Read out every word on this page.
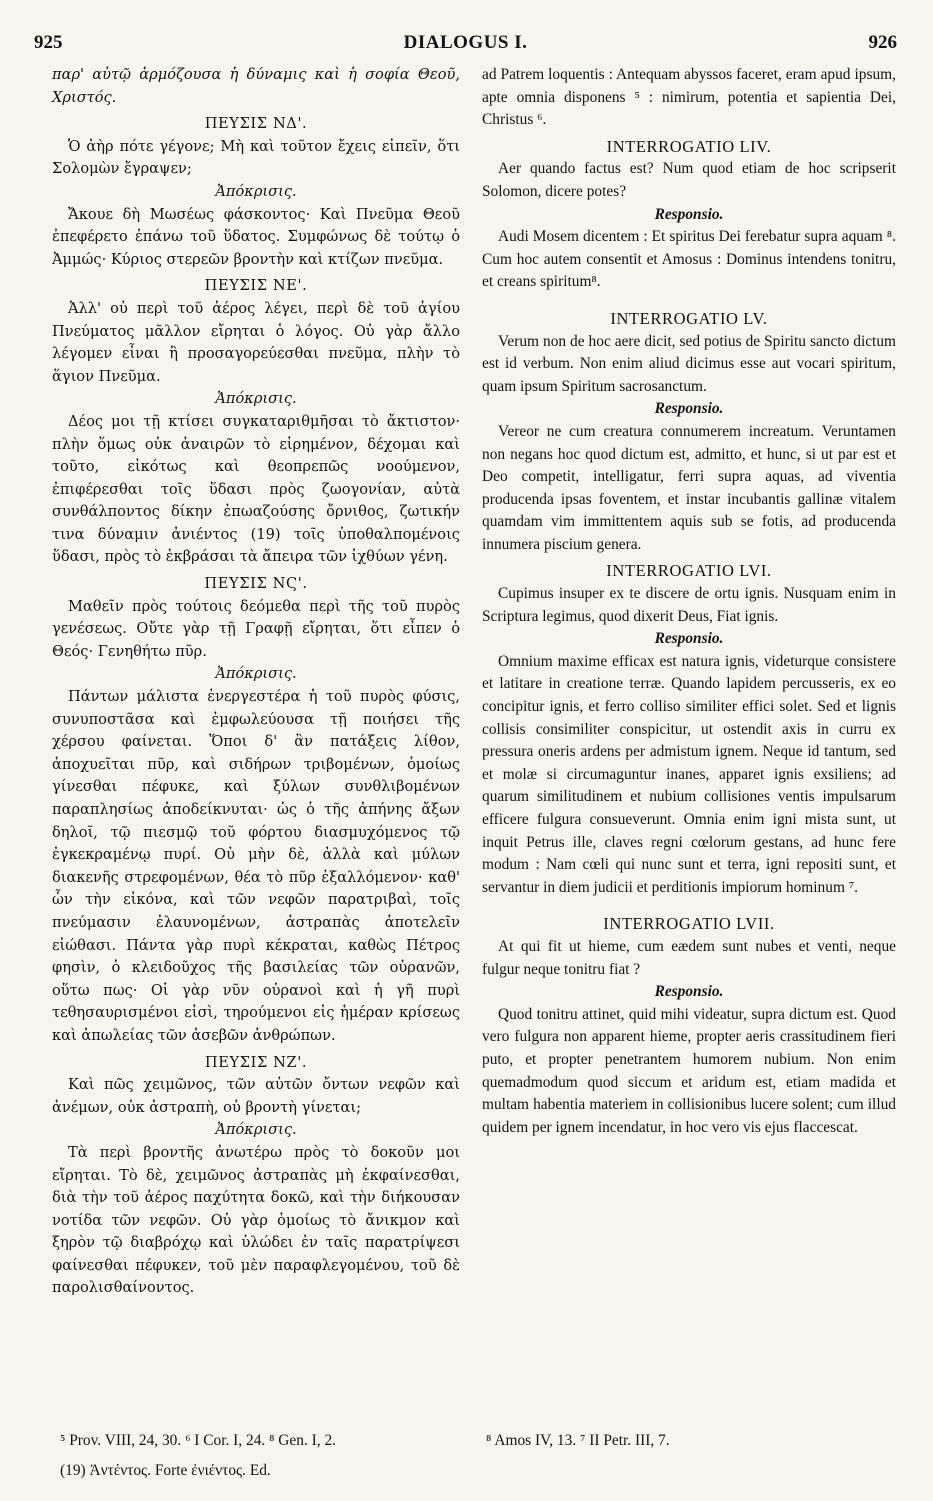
925	DIALOGUS I.	926

παρ' αὐτῷ ἁρμόζουσα ἡ δύναμις καὶ ἡ σοφία Θεοῦ, Χριστός.

ΠΕΥΣΙΣ ΝΔ'.

Ὁ ἀὴρ πότε γέγονε; Μὴ καὶ τοῦτον ἔχεις εἰπεῖν, ὅτι Σολομὼν ἔγραψεν;

Ἀπόκρισις.

Ἄκουε δὴ Μωσέως φάσκοντος· Καὶ Πνεῦμα Θεοῦ ἐπεφέρετο ἐπάνω τοῦ ὕδατος. Συμφώνως δὲ τούτῳ ὁ Ἀμμώς· Κύριος στερεῶν βροντὴν καὶ κτίζων πνεῦμα.

ΠΕΥΣΙΣ ΝΕ'.

Ἀλλ' οὐ περὶ τοῦ ἀέρος λέγει, περὶ δὲ τοῦ ἁγίου Πνεύματος μᾶλλον εἴρηται ὁ λόγος. Οὐ γὰρ ἄλλο λέγομεν εἶναι ἢ προσαγορεύεσθαι πνεῦμα, πλὴν τὸ ἅγιον Πνεῦμα.

Ἀπόκρισις.

Δέος μοι τῇ κτίσει συγκαταριθμῆσαι τὸ ἄκτιστον· πλὴν ὅμως οὐκ ἀναιρῶν τὸ εἰρημένον, δέχομαι καὶ τοῦτο, εἰκότως καὶ θεοπρεπῶς νοούμενον, ἐπιφέρεσθαι τοῖς ὕδασι πρὸς ζωογονίαν, αὐτὰ συνθάλποντος δίκην ἐπωαζούσης ὄρνιθος, ζωτικήν τινα δύναμιν ἀνιέντος (19) τοῖς ὑποθαλπομένοις ὕδασι, πρὸς τὸ ἐκβράσαι τὰ ἄπειρα τῶν ἰχθύων γένη.

ΠΕΥΣΙΣ ΝϚ'.

Μαθεῖν πρὸς τούτοις δεόμεθα περὶ τῆς τοῦ πυρὸς γενέσεως. Οὔτε γὰρ τῇ Γραφῇ εἴρηται, ὅτι εἶπεν ὁ Θεός· Γενηθήτω πῦρ.

Ἀπόκρισις.

Πάντων μάλιστα ἐνεργεστέρα ἡ τοῦ πυρὸς φύσις, συνυποστᾶσα καὶ ἐμφωλεύουσα τῇ ποιήσει τῆς χέρσου φαίνεται. Ὅποι δ' ἂν πατάξεις λίθον, ἀποχυεῖται πῦρ, καὶ σιδήρων τριβομένων, ὁμοίως γίνεσθαι πέφυκε, καὶ ξύλων συνθλιβομένων παραπλησίως ἀποδείκνυται· ὡς ὁ τῆς ἀπήνης ἄξων δηλοῖ, τῷ πιεσμῷ τοῦ φόρτου διασμυχόμενος τῷ ἐγκεκραμένῳ πυρί. Οὐ μὴν δὲ, ἀλλὰ καὶ μύλων διακενῆς στρεφομένων, θέα τὸ πῦρ ἐξαλλόμενον· καθ' ὧν τὴν εἰκόνα, καὶ τῶν νεφῶν παρατριβαὶ, τοῖς πνεύμασιν ἐλαυνομένων, ἀστραπὰς ἀποτελεῖν εἰώθασι. Πάντα γὰρ πυρὶ κέκραται, καθὼς Πέτρος φησὶν, ὁ κλειδοῦχος τῆς βασιλείας τῶν οὐρανῶν, οὕτω πως· Οἱ γὰρ νῦν οὐρανοὶ καὶ ἡ γῆ πυρὶ τεθησαυρισμένοι εἰσὶ, τηρούμενοι εἰς ἡμέραν κρίσεως καὶ ἀπωλείας τῶν ἀσεβῶν ἀνθρώπων.

ΠΕΥΣΙΣ ΝΖ'.

Καὶ πῶς χειμῶνος, τῶν αὐτῶν ὄντων νεφῶν καὶ ἀνέμων, οὐκ ἀστραπὴ, οὐ βροντὴ γίνεται;

Ἀπόκρισις.

Τὰ περὶ βροντῆς ἀνωτέρω πρὸς τὸ δοκοῦν μοι εἴρηται. Τὸ δὲ, χειμῶνος ἀστραπὰς μὴ ἐκφαίνεσθαι, διὰ τὴν τοῦ ἀέρος παχύτητα δοκῶ, καὶ τὴν διήκουσαν νοτίδα τῶν νεφῶν. Οὐ γὰρ ὁμοίως τὸ ἄνικμον καὶ ξηρὸν τῷ διαβρόχῳ καὶ ὑλώδει ἐν ταῖς παρατρίψεσι φαίνεσθαι πέφυκεν, τοῦ μὲν παραφλεγομένου, τοῦ δὲ παρολισθαίνοντος.

ad Patrem loquentis : Antequam abyssos faceret, eram apud ipsum, apte omnia disponens ⁵ : nimirum, potentia et sapientia Dei, Christus ⁶.

INTERROGATIO LIV.

Aer quando factus est? Num quod etiam de hoc scripserit Solomon, dicere potes?

Responsio.

Audi Mosem dicentem : Et spiritus Dei ferebatur supra aquam ⁸. Cum hoc autem consentit et Amosus : Dominus intendens tonitru, et creans spiritum⁸.

INTERROGATIO LV.

Verum non de hoc aere dicit, sed potius de Spiritu sancto dictum est id verbum. Non enim aliud dicimus esse aut vocari spiritum, quam ipsum Spiritum sacrosanctum.

Responsio.

Vereor ne cum creatura connumerem increatum. Veruntamen non negans hoc quod dictum est, admitto, et hunc, si ut par est et Deo competit, intelligatur, ferri supra aquas, ad viventia producenda ipsas foventem, et instar incubantis gallinæ vitalem quamdam vim immittentem aquis sub se fotis, ad producenda innumera piscium genera.

INTERROGATIO LVI.

Cupimus insuper ex te discere de ortu ignis. Nusquam enim in Scriptura legimus, quod dixerit Deus, Fiat ignis.

Responsio.

Omnium maxime efficax est natura ignis, videturque consistere et latitare in creatione terræ. Quando lapidem percusseris, ex eo concipitur ignis, et ferro colliso similiter effici solet. Sed et lignis collisis consimiliter conspicitur, ut ostendit axis in curru ex pressura oneris ardens per admistum ignem. Neque id tantum, sed et molæ si circumaguntur inanes, apparet ignis exsiliens; ad quarum similitudinem et nubium collisiones ventis impulsarum efficere fulgura consueverunt. Omnia enim igni mista sunt, ut inquit Petrus ille, claves regni cœlorum gestans, ad hunc fere modum : Nam cœli qui nunc sunt et terra, igni repositi sunt, et servantur in diem judicii et perditionis impiorum hominum ⁷.

INTERROGATIO LVII.

At qui fit ut hieme, cum eædem sunt nubes et venti, neque fulgur neque tonitru fiat ?

Responsio.

Quod tonitru attinet, quid mihi videatur, supra dictum est. Quod vero fulgura non apparent hieme, propter aeris crassitudinem fieri puto, et propter penetrantem humorem nubium. Non enim quemadmodum quod siccum et aridum est, etiam madida et multam habentia materiem in collisionibus lucere solent; cum illud quidem per ignem incendatur, in hoc vero vis ejus flaccescat.

⁵ Prov. VIII, 24, 30. ⁶ I Cor. I, 24. ⁸ Gen. I, 2.
(19) Ἀντέντος. Forte ἐνιέντος. Ed.
⁸ Amos IV, 13. ⁷ II Petr. III, 7.
